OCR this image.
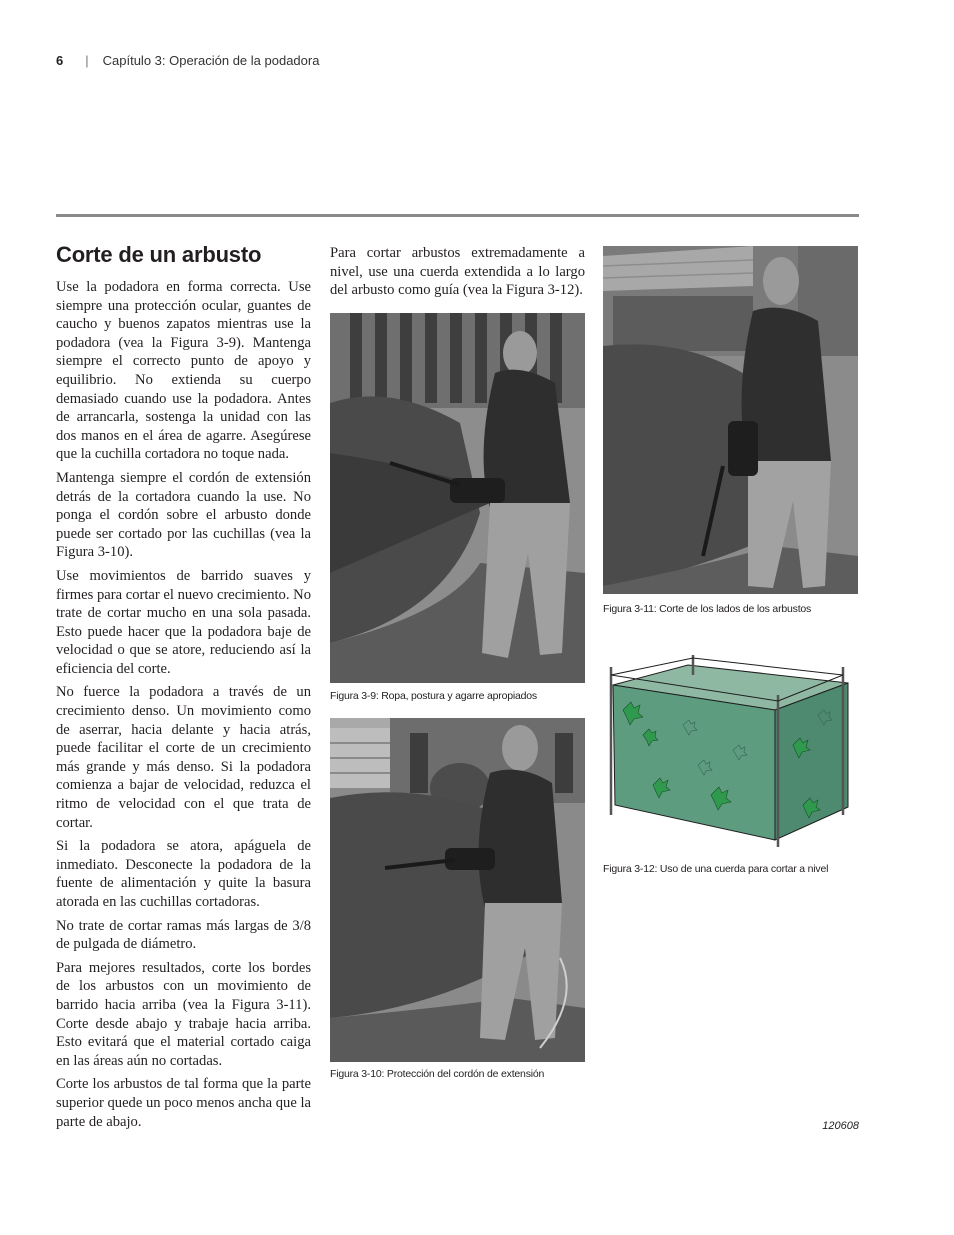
6 | Capítulo 3: Operación de la podadora
Corte de un arbusto

Use la podadora en forma correcta. Use siempre una protección ocular, guantes de caucho y buenos zapatos mientras use la podadora (vea la Figura 3-9). Mantenga siempre el correcto punto de apoyo y equilibrio. No extienda su cuerpo demasiado cuando use la podadora. Antes de arrancarla, sostenga la unidad con las dos manos en el área de agarre. Asegúrese que la cuchilla cortadora no toque nada.

Mantenga siempre el cordón de extensión detrás de la cortadora cuando la use. No ponga el cordón sobre el arbusto donde puede ser cortado por las cuchillas (vea la Figura 3-10).

Use movimientos de barrido suaves y firmes para cortar el nuevo crecimiento. No trate de cortar mucho en una sola pasada. Esto puede hacer que la podadora baje de velocidad o que se atore, reduciendo así la eficiencia del corte.

No fuerce la podadora a través de un crecimiento denso. Un movimiento como de aserrar, hacia delante y hacia atrás, puede facilitar el corte de un crecimiento más grande y más denso. Si la podadora comienza a bajar de velocidad, reduzca el ritmo de velocidad con el que trata de cortar.

Si la podadora se atora, apáguela de inmediato. Desconecte la podadora de la fuente de alimentación y quite la basura atorada en las cuchillas cortadoras.

No trate de cortar ramas más largas de 3/8 de pulgada de diámetro.

Para mejores resultados, corte los bordes de los arbustos con un movimiento de barrido hacia arriba (vea la Figura 3-11). Corte desde abajo y trabaje hacia arriba. Esto evitará que el material cortado caiga en las áreas aún no cortadas.

Corte los arbustos de tal forma que la parte superior quede un poco menos ancha que la parte de abajo.

Para cortar arbustos extremadamente a nivel, use una cuerda extendida a lo largo del arbusto como guía (vea la Figura 3-12).

Figura 3-9: Ropa, postura y agarre apropiados
Figura 3-10: Protección del cordón de extensión
Figura 3-11: Corte de los lados de los arbustos
Figura 3-12: Uso de una cuerda para cortar a nivel
120608
